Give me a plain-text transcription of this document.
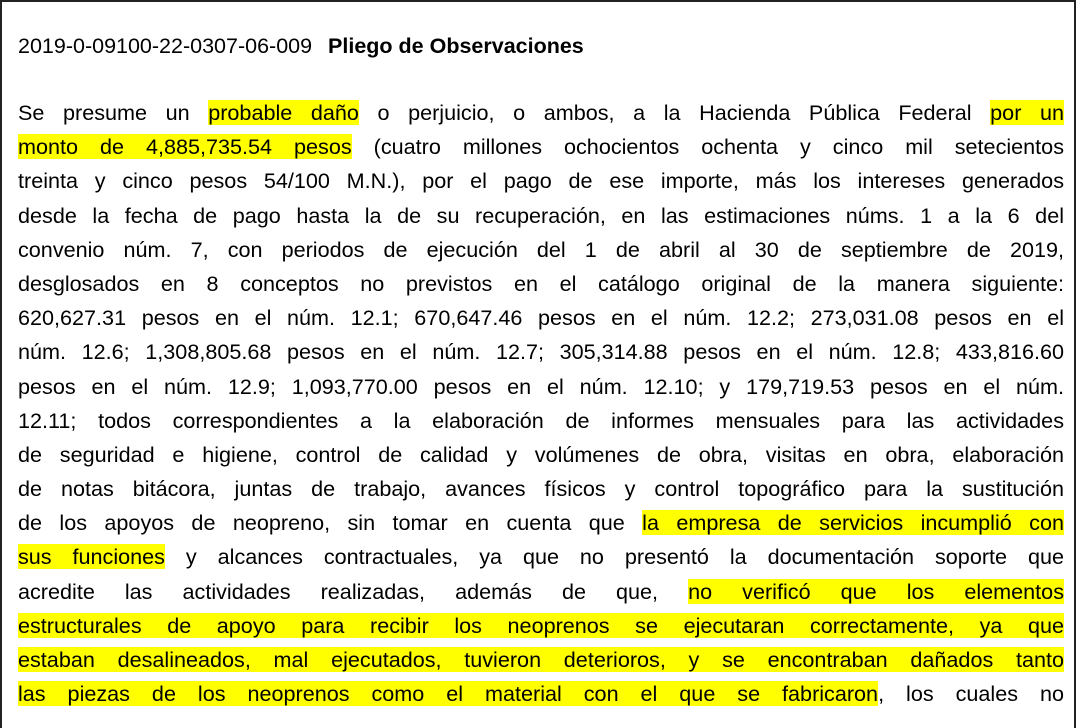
2019-0-09100-22-0307-06-009 Pliego de Observaciones
Se presume un probable daño o perjuicio, o ambos, a la Hacienda Pública Federal por un
monto de 4,885,735.54 pesos (cuatro millones ochocientos ochenta y cinco mil setecientos
treinta y cinco pesos 54/100 M.N.), por el pago de ese importe, más los intereses generados
desde la fecha de pago hasta la de su recuperación, en las estimaciones núms. 1 a la 6 del
convenio núm. 7, con periodos de ejecución del 1 de abril al 30 de septiembre de 2019,
desglosados en 8 conceptos no previstos en el catálogo original de la manera siguiente:
620,627.31 pesos en el núm. 12.1; 670,647.46 pesos en el núm. 12.2; 273,031.08 pesos en el
núm. 12.6; 1,308,805.68 pesos en el núm. 12.7; 305,314.88 pesos en el núm. 12.8; 433,816.60
pesos en el núm. 12.9; 1,093,770.00 pesos en el núm. 12.10; y 179,719.53 pesos en el núm.
12.11; todos correspondientes a la elaboración de informes mensuales para las actividades
de seguridad e higiene, control de calidad y volúmenes de obra, visitas en obra, elaboración
de notas bitácora, juntas de trabajo, avances físicos y control topográfico para la sustitución
de los apoyos de neopreno, sin tomar en cuenta que la empresa de servicios incumplió con
sus funciones y alcances contractuales, ya que no presentó la documentación soporte que
acredite las actividades realizadas, además de que, no verificó que los elementos
estructurales de apoyo para recibir los neoprenos se ejecutaran correctamente, ya que
estaban desalineados, mal ejecutados, tuvieron deterioros, y se encontraban dañados tanto
las piezas de los neoprenos como el material con el que se fabricaron, los cuales no
